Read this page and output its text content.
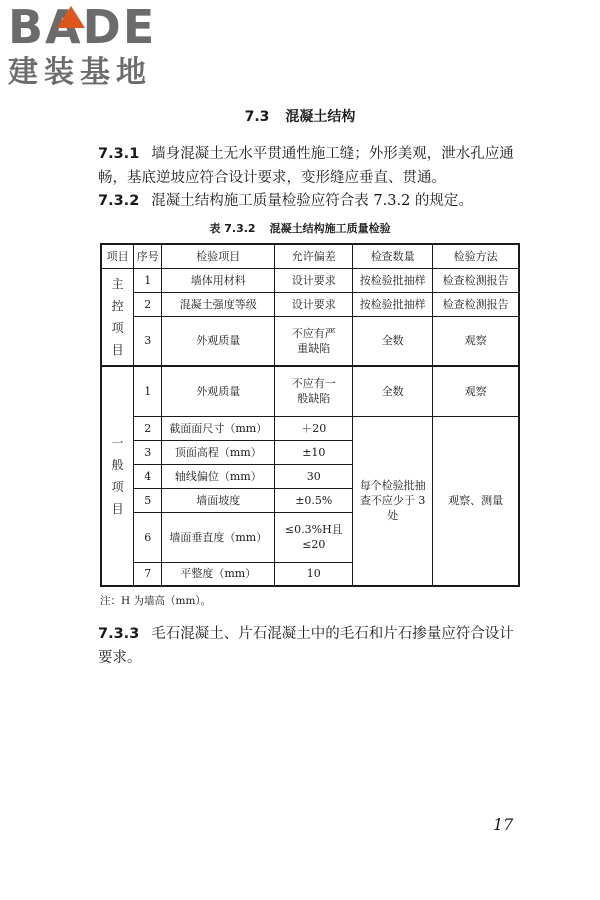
BADE
建装基地
7.3 混凝土结构
7.3.1 墙身混凝土无水平贯通性施工缝；外形美观，泄水孔应通畅，基底逆坡应符合设计要求，变形缝应垂直、贯通。
7.3.2 混凝土结构施工质量检验应符合表 7.3.2 的规定。
表 7.3.2 混凝土结构施工质量检验
项目	序号	检验项目	允许偏差	检查数量	检验方法
主控项目	1	墙体用材料	设计要求	按检验批抽样	检查检测报告
	2	混凝土强度等级	设计要求	按检验批抽样	检查检测报告
	3	外观质量	不应有严重缺陷	全数	观察
一般项目	1	外观质量	不应有一般缺陷	全数	观察
	2	截面面尺寸（mm）	＋20	每个检验批抽查不应少于 3 处	观察、测量
	3	顶面高程（mm）	±10		
	4	轴线偏位（mm）	30		
	5	墙面坡度	±0.5%		
	6	墙面垂直度（mm）	≤0.3%H且≤20		
	7	平整度（mm）	10		
注：H 为墙高（mm）。
7.3.3 毛石混凝土、片石混凝土中的毛石和片石掺量应符合设计要求。
17
